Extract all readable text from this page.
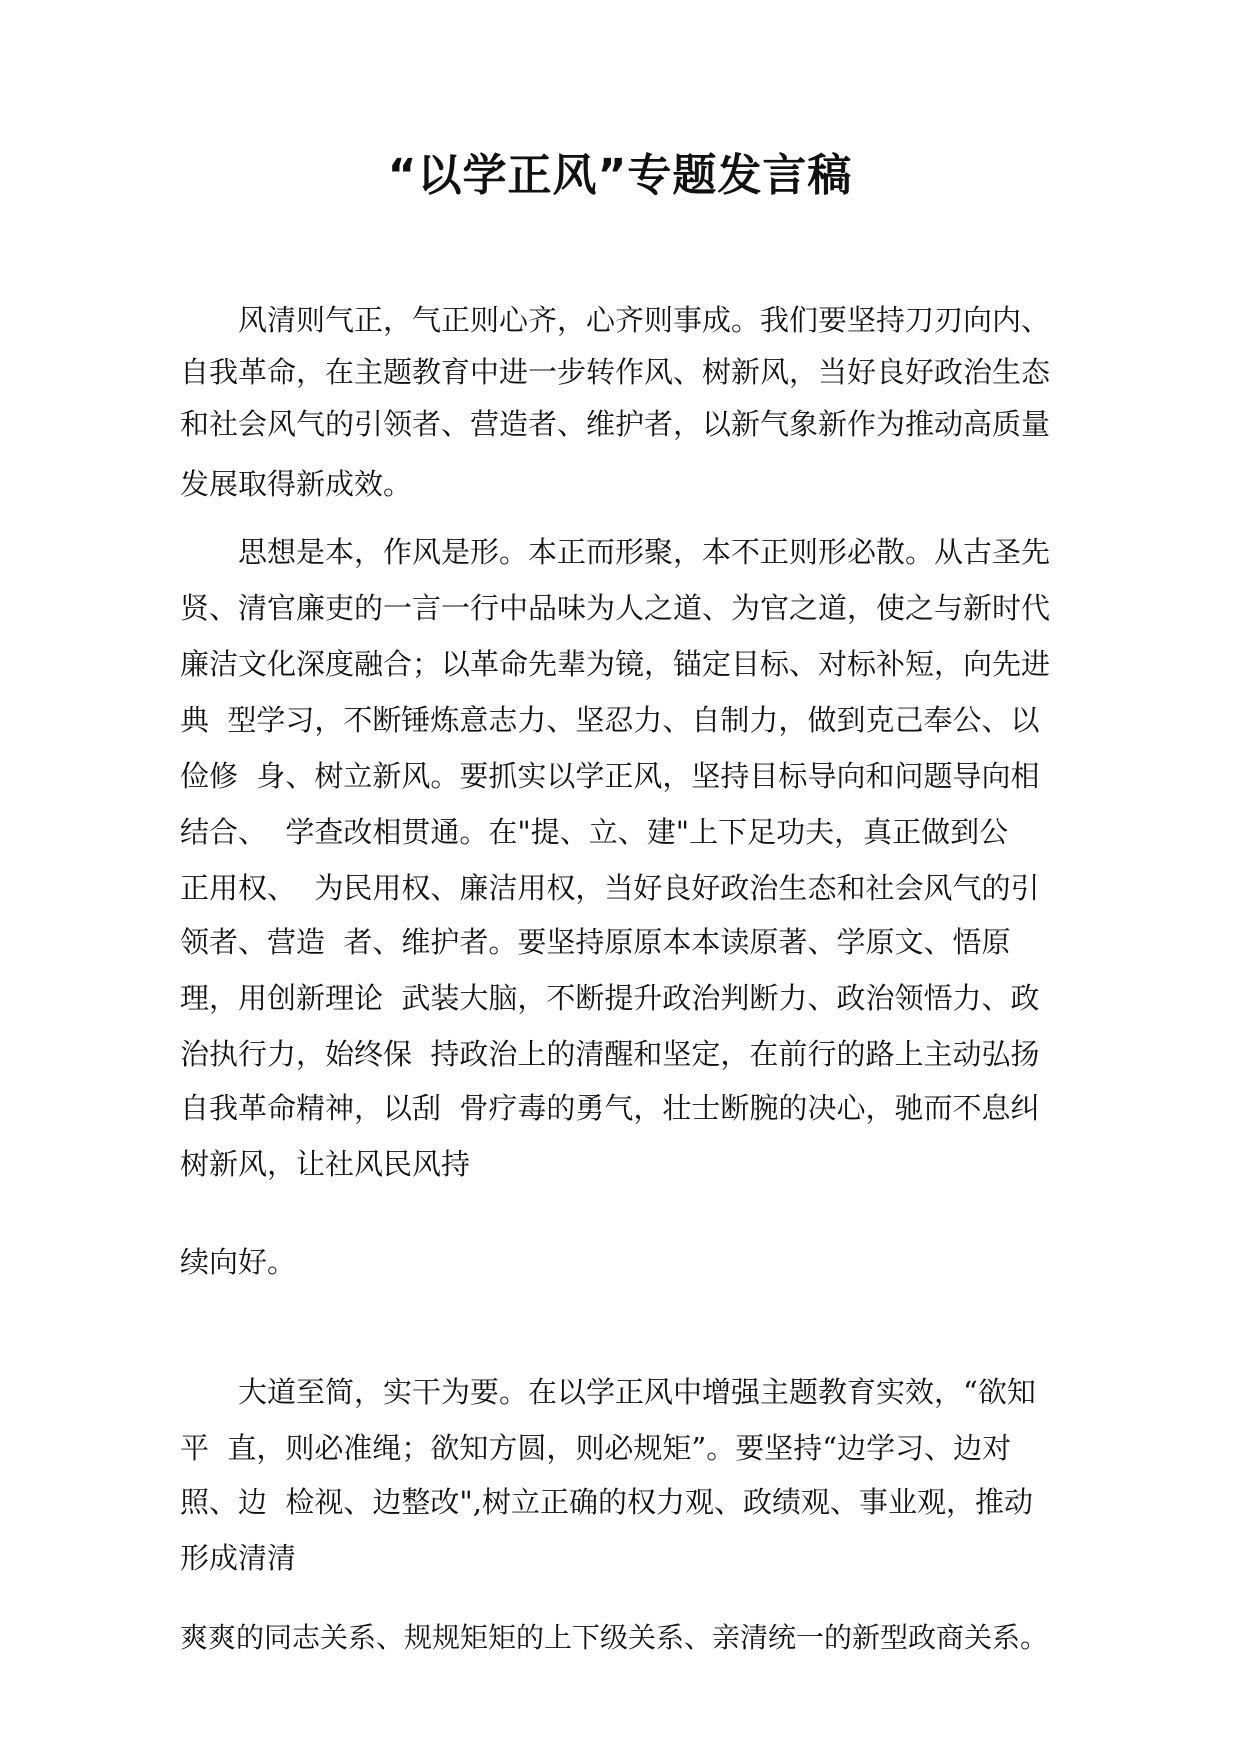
“以学正风”专题发言稿

风清则气正，气正则心齐，心齐则事成。我们要坚持刀刃向内、

自我革命，在主题教育中进一步转作风、树新风，当好良好政治生态

和社会风气的引领者、营造者、维护者，以新气象新作为推动高质量

发展取得新成效。

思想是本，作风是形。本正而形聚，本不正则形必散。从古圣先

贤、清官廉吏的一言一行中品味为人之道、为官之道，使之与新时代

廉洁文化深度融合；以革命先辈为镜，锚定目标、对标补短，向先进

典  型学习，不断锤炼意志力、坚忍力、自制力，做到克己奉公、以

俭修  身、树立新风。要抓实以学正风，坚持目标导向和问题导向相

结合、  学查改相贯通。在"提、立、建"上下足功夫，真正做到公

正用权、  为民用权、廉洁用权，当好良好政治生态和社会风气的引

领者、营造  者、维护者。要坚持原原本本读原著、学原文、悟原

理，用创新理论  武装大脑，不断提升政治判断力、政治领悟力、政

治执行力，始终保  持政治上的清醒和坚定，在前行的路上主动弘扬

自我革命精神，以刮  骨疗毒的勇气，壮士断腕的决心，驰而不息纠

树新风，让社风民风持

续向好。

大道至简，实干为要。在以学正风中增强主题教育实效，“欲知

平  直，则必准绳；欲知方圆，则必规矩”。要坚持“边学习、边对

照、边  检视、边整改",树立正确的权力观、政绩观、事业观，推动

形成清清

爽爽的同志关系、规规矩矩的上下级关系、亲清统一的新型政商关系。
